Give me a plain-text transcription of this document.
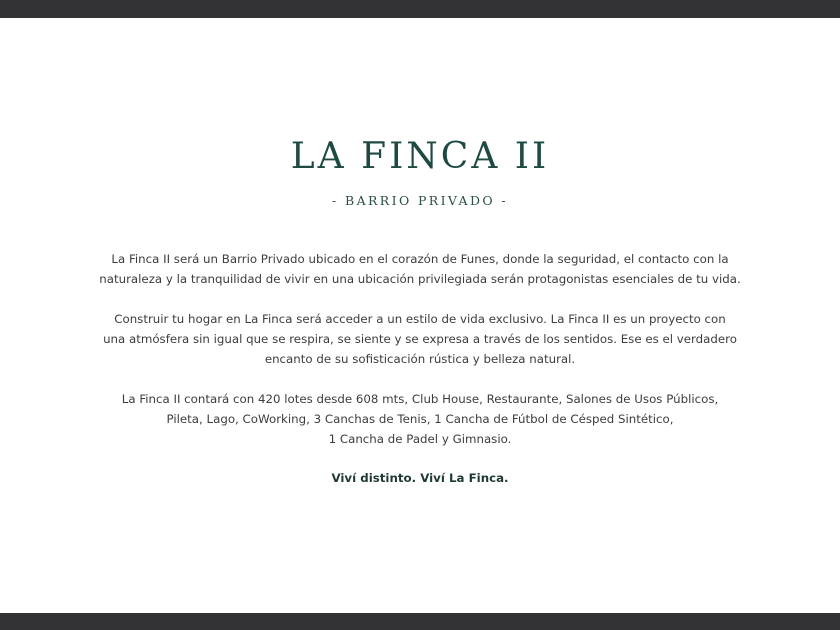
LA FINCA II
- BARRIO PRIVADO -

La Finca II será un Barrio Privado ubicado en el corazón de Funes, donde la seguridad, el contacto con la naturaleza y la tranquilidad de vivir en una ubicación privilegiada serán protagonistas esenciales de tu vida.

Construir tu hogar en La Finca será acceder a un estilo de vida exclusivo. La Finca II es un proyecto con
una atmósfera sin igual que se respira, se siente y se expresa a través de los sentidos. Ese es el verdadero
encanto de su sofisticación rústica y belleza natural.

La Finca II contará con 420 lotes desde 608 mts, Club House, Restaurante, Salones de Usos Públicos,
Pileta, Lago, CoWorking, 3 Canchas de Tenis, 1 Cancha de Fútbol de Césped Sintético,
1 Cancha de Padel y Gimnasio.

Viví distinto. Viví La Finca.
